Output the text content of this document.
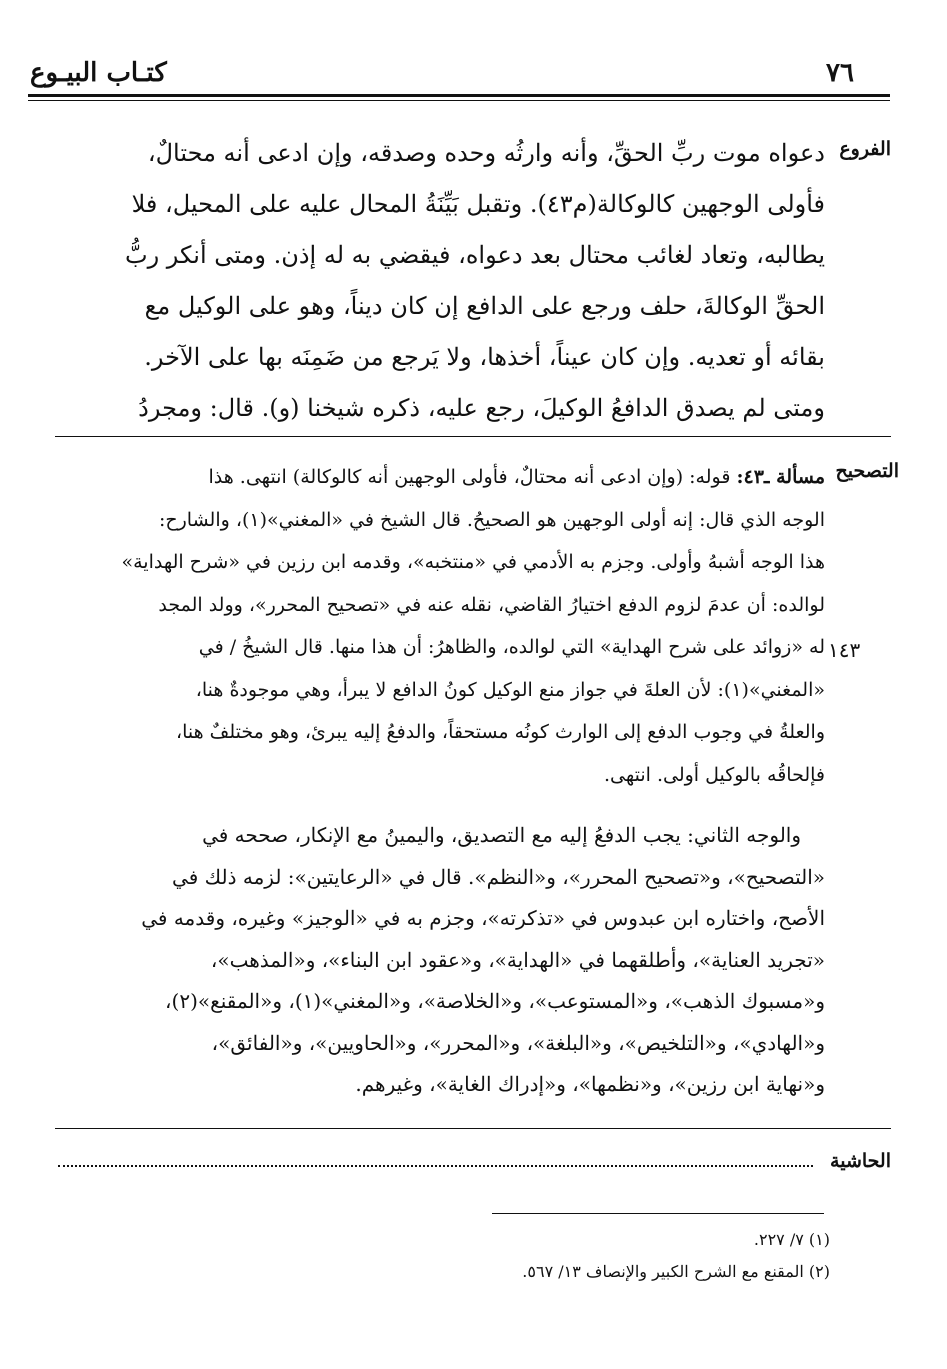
٧٦
كتـاب البيـوع
الفروع
التصحيح
١٤٣
الحاشية
دعواه موت ربِّ الحقِّ، وأنه وارثُه وحده وصدقه، وإن ادعى أنه محتالٌ،
فأولى الوجهين كالوكالة(م٤٣). وتقبل بَيِّنَةُ المحال عليه على المحيل، فلا
يطالبه، وتعاد لغائب محتال بعد دعواه، فيقضي به له إذن. ومتى أنكر ربُّ
الحقِّ الوكالةَ، حلف ورجع على الدافع إن كان ديناً، وهو على الوكيل مع
بقائه أو تعديه. وإن كان عيناً، أخذها، ولا يَرجع من ضَمِنَه بها على الآخر.
ومتى لم يصدق الدافعُ الوكيلَ، رجع عليه، ذكره شيخنا (و). قال: ومجردُ
مسألة ـ٤٣: قوله: (وإن ادعى أنه محتالٌ، فأولى الوجهين أنه كالوكالة) انتهى. هذا
الوجه الذي قال: إنه أولى الوجهين هو الصحيحُ. قال الشيخ في «المغني»(١)، والشارح:
هذا الوجه أشبهُ وأولى. وجزم به الأدمي في «منتخبه»، وقدمه ابن رزين في «شرح الهداية»
لوالده: أن عدمَ لزوم الدفع اختيارُ القاضي، نقله عنه في «تصحيح المحرر»، وولد المجد
له «زوائد على شرح الهداية» التي لوالده، والظاهرُ: أن هذا منها. قال الشيخُ / في
«المغني»(١): لأن العلةَ في جواز منع الوكيل كونُ الدافع لا يبرأ، وهي موجودةٌ هنا،
والعلةُ في وجوب الدفع إلى الوارث كونُه مستحقاً، والدفعُ إليه يبرئ، وهو مختلفٌ هنا،
فإلحاقُه بالوكيل أولى. انتهى.
والوجه الثاني: يجب الدفعُ إليه مع التصديق، واليمينُ مع الإنكار، صححه في
«التصحيح»، و«تصحيح المحرر»، و«النظم». قال في «الرعايتين»: لزمه ذلك في
الأصح، واختاره ابن عبدوس في «تذكرته»، وجزم به في «الوجيز» وغيره، وقدمه في
«تجريد العناية»، وأطلقهما في «الهداية»، و«عقود ابن البناء»، و«المذهب»،
و«مسبوك الذهب»، و«المستوعب»، و«الخلاصة»، و«المغني»(١)، و«المقنع»(٢)،
و«الهادي»، و«التلخيص»، و«البلغة»، و«المحرر»، و«الحاويين»، و«الفائق»،
و«نهاية ابن رزين»، و«نظمها»، و«إدراك الغاية»، وغيرهم.
(١) ٧/ ٢٢٧.
(٢) المقنع مع الشرح الكبير والإنصاف ١٣/ ٥٦٧.
